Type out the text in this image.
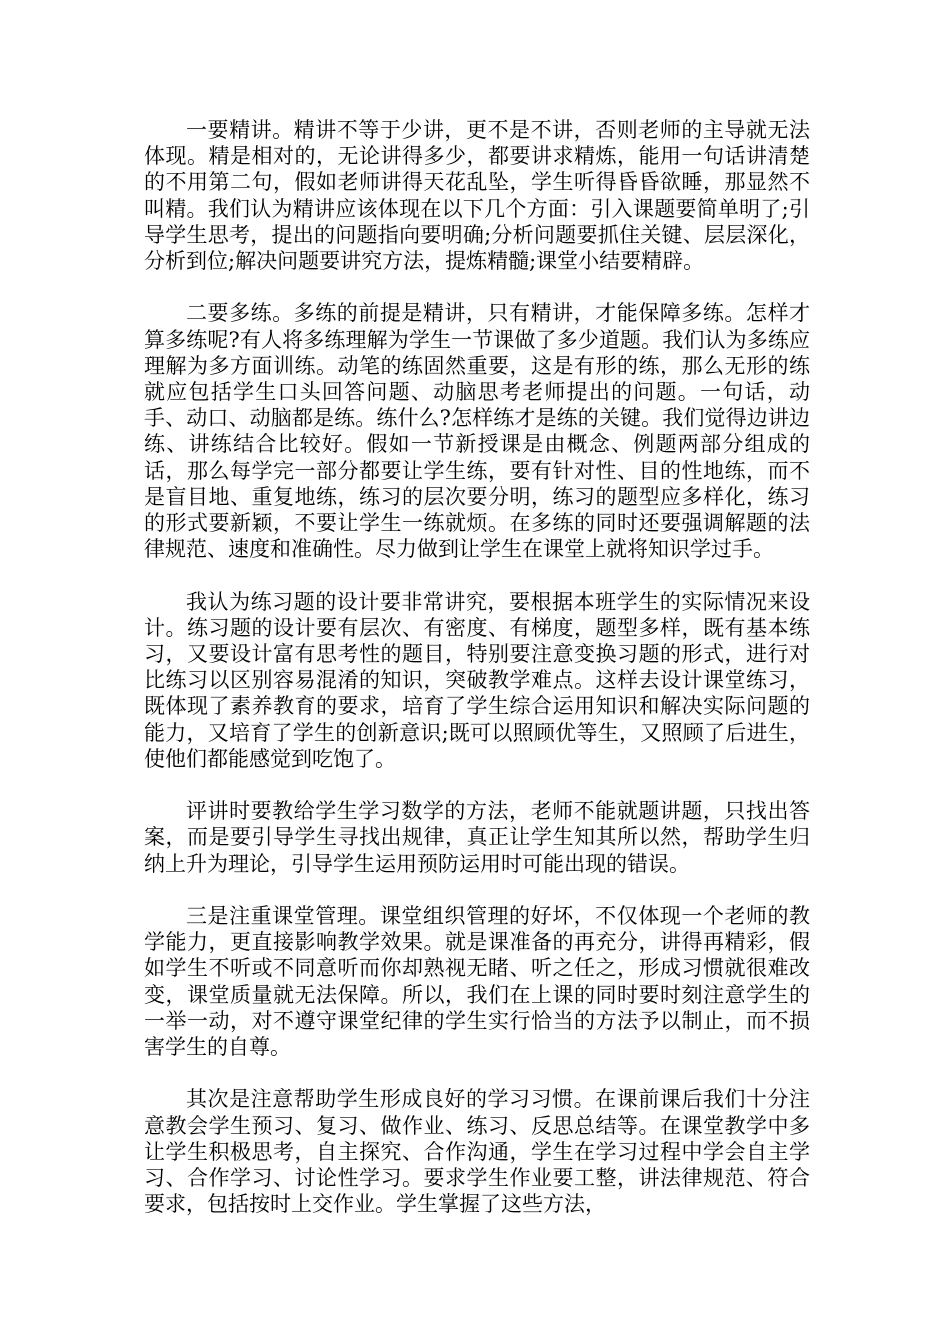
一要精讲。精讲不等于少讲，更不是不讲，否则老师的主导就无法体现。精是相对的，无论讲得多少，都要讲求精炼，能用一句话讲清楚的不用第二句，假如老师讲得天花乱坠，学生听得昏昏欲睡，那显然不叫精。我们认为精讲应该体现在以下几个方面：引入课题要简单明了;引导学生思考，提出的问题指向要明确;分析问题要抓住关键、层层深化，分析到位;解决问题要讲究方法，提炼精髓;课堂小结要精辟。

二要多练。多练的前提是精讲，只有精讲，才能保障多练。怎样才算多练呢?有人将多练理解为学生一节课做了多少道题。我们认为多练应理解为多方面训练。动笔的练固然重要，这是有形的练，那么无形的练就应包括学生口头回答问题、动脑思考老师提出的问题。一句话，动手、动口、动脑都是练。练什么?怎样练才是练的关键。我们觉得边讲边练、讲练结合比较好。假如一节新授课是由概念、例题两部分组成的话，那么每学完一部分都要让学生练，要有针对性、目的性地练，而不是盲目地、重复地练，练习的层次要分明，练习的题型应多样化，练习的形式要新颖，不要让学生一练就烦。在多练的同时还要强调解题的法律规范、速度和准确性。尽力做到让学生在课堂上就将知识学过手。

我认为练习题的设计要非常讲究，要根据本班学生的实际情况来设计。练习题的设计要有层次、有密度、有梯度，题型多样，既有基本练习，又要设计富有思考性的题目，特别要注意变换习题的形式，进行对比练习以区别容易混淆的知识，突破教学难点。这样去设计课堂练习，既体现了素养教育的要求，培育了学生综合运用知识和解决实际问题的能力，又培育了学生的创新意识;既可以照顾优等生，又照顾了后进生，使他们都能感觉到吃饱了。

评讲时要教给学生学习数学的方法，老师不能就题讲题，只找出答案，而是要引导学生寻找出规律，真正让学生知其所以然，帮助学生归纳上升为理论，引导学生运用预防运用时可能出现的错误。

三是注重课堂管理。课堂组织管理的好坏，不仅体现一个老师的教学能力，更直接影响教学效果。就是课准备的再充分，讲得再精彩，假如学生不听或不同意听而你却熟视无睹、听之任之，形成习惯就很难改变，课堂质量就无法保障。所以，我们在上课的同时要时刻注意学生的一举一动，对不遵守课堂纪律的学生实行恰当的方法予以制止，而不损害学生的自尊。

其次是注意帮助学生形成良好的学习习惯。在课前课后我们十分注意教会学生预习、复习、做作业、练习、反思总结等。在课堂教学中多让学生积极思考，自主探究、合作沟通，学生在学习过程中学会自主学习、合作学习、讨论性学习。要求学生作业要工整，讲法律规范、符合要求，包括按时上交作业。学生掌握了这些方法，
